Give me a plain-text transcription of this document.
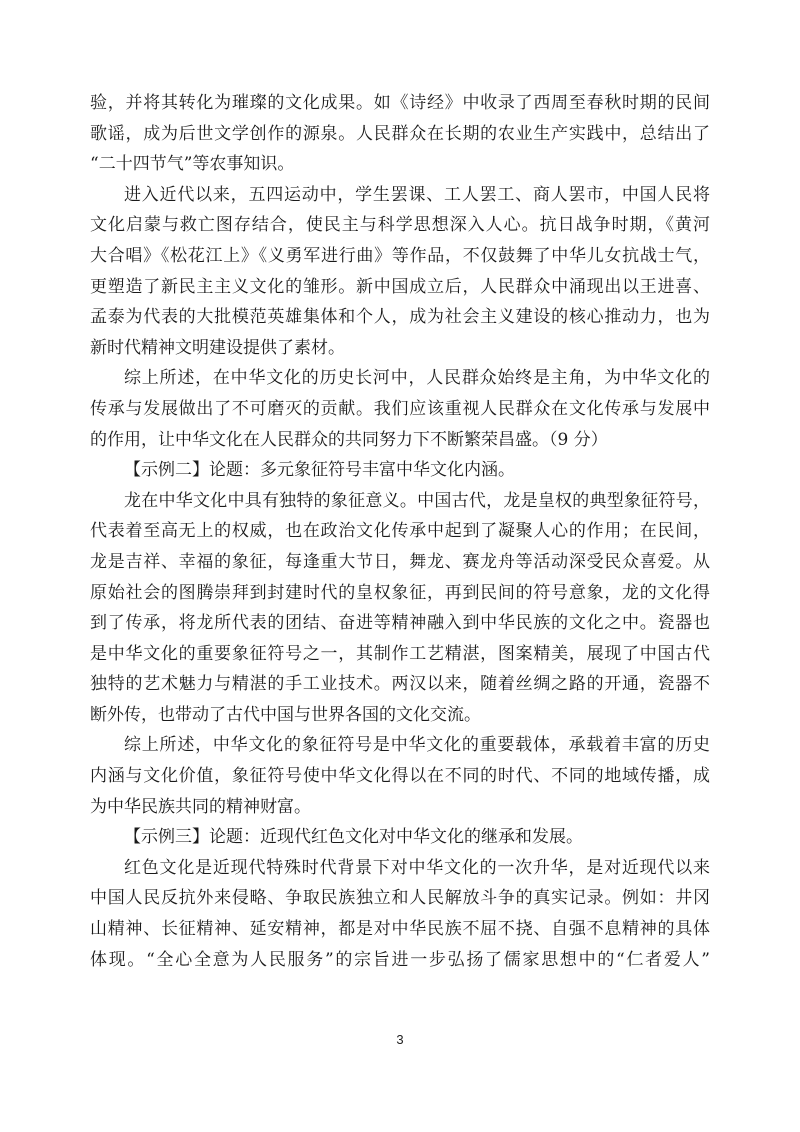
验，并将其转化为璀璨的文化成果。如《诗经》中收录了西周至春秋时期的民间
歌谣，成为后世文学创作的源泉。人民群众在长期的农业生产实践中，总结出了
“二十四节气”等农事知识。
进入近代以来，五四运动中，学生罢课、工人罢工、商人罢市，中国人民将
文化启蒙与救亡图存结合，使民主与科学思想深入人心。抗日战争时期，《黄河
大合唱》《松花江上》《义勇军进行曲》等作品，不仅鼓舞了中华儿女抗战士气，
更塑造了新民主主义文化的雏形。新中国成立后，人民群众中涌现出以王进喜、
孟泰为代表的大批模范英雄集体和个人，成为社会主义建设的核心推动力，也为
新时代精神文明建设提供了素材。
综上所述，在中华文化的历史长河中，人民群众始终是主角，为中华文化的
传承与发展做出了不可磨灭的贡献。我们应该重视人民群众在文化传承与发展中
的作用，让中华文化在人民群众的共同努力下不断繁荣昌盛。（9 分）
【示例二】论题：多元象征符号丰富中华文化内涵。
龙在中华文化中具有独特的象征意义。中国古代，龙是皇权的典型象征符号，
代表着至高无上的权威，也在政治文化传承中起到了凝聚人心的作用；在民间，
龙是吉祥、幸福的象征，每逢重大节日，舞龙、赛龙舟等活动深受民众喜爱。从
原始社会的图腾崇拜到封建时代的皇权象征，再到民间的符号意象，龙的文化得
到了传承，将龙所代表的团结、奋进等精神融入到中华民族的文化之中。瓷器也
是中华文化的重要象征符号之一，其制作工艺精湛，图案精美，展现了中国古代
独特的艺术魅力与精湛的手工业技术。两汉以来，随着丝绸之路的开通，瓷器不
断外传，也带动了古代中国与世界各国的文化交流。
综上所述，中华文化的象征符号是中华文化的重要载体，承载着丰富的历史
内涵与文化价值，象征符号使中华文化得以在不同的时代、不同的地域传播，成
为中华民族共同的精神财富。
【示例三】论题：近现代红色文化对中华文化的继承和发展。
红色文化是近现代特殊时代背景下对中华文化的一次升华，是对近现代以来
中国人民反抗外来侵略、争取民族独立和人民解放斗争的真实记录。例如：井冈
山精神、长征精神、延安精神，都是对中华民族不屈不挠、自强不息精神的具体
体现。“全心全意为人民服务”的宗旨进一步弘扬了儒家思想中的“仁者爱人”
3
